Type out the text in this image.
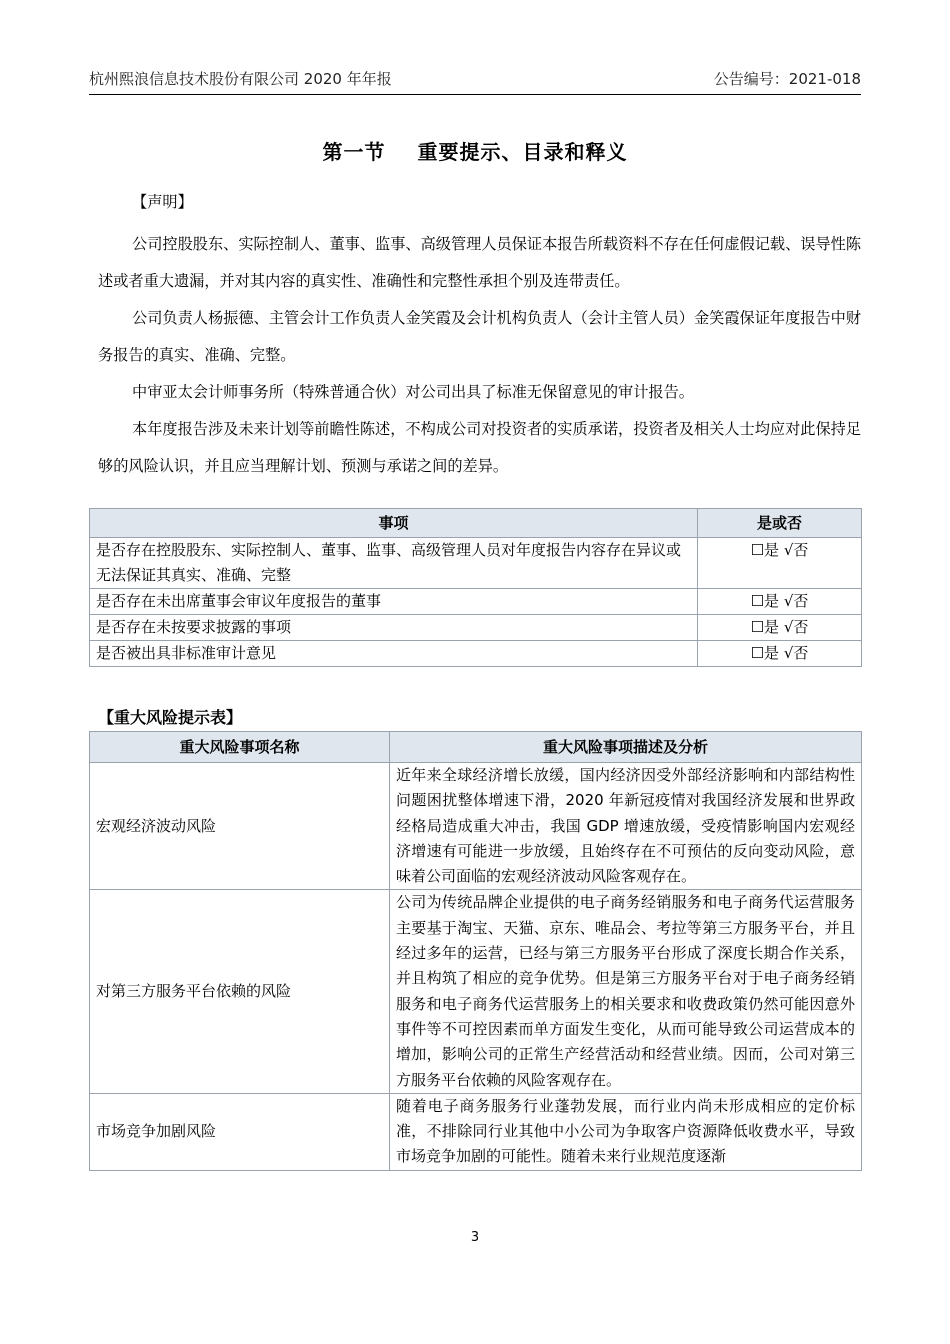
杭州熙浪信息技术股份有限公司 2020 年年报	公告编号：2021-018
第一节 重要提示、目录和释义
【声明】

公司控股股东、实际控制人、董事、监事、高级管理人员保证本报告所载资料不存在任何虚假记载、误导性陈述或者重大遗漏，并对其内容的真实性、准确性和完整性承担个别及连带责任。

公司负责人杨振德、主管会计工作负责人金笑霞及会计机构负责人（会计主管人员）金笑霞保证年度报告中财务报告的真实、准确、完整。

中审亚太会计师事务所（特殊普通合伙）对公司出具了标准无保留意见的审计报告。

本年度报告涉及未来计划等前瞻性陈述，不构成公司对投资者的实质承诺，投资者及相关人士均应对此保持足够的风险认识，并且应当理解计划、预测与承诺之间的差异。

事项	是或否
是否存在控股股东、实际控制人、董事、监事、高级管理人员对年度报告内容存在异议或无法保证其真实、准确、完整	☐是 √否
是否存在未出席董事会审议年度报告的董事	☐是 √否
是否存在未按要求披露的事项	☐是 √否
是否被出具非标准审计意见	☐是 √否
【重大风险提示表】
重大风险事项名称	重大风险事项描述及分析
宏观经济波动风险	近年来全球经济增长放缓，国内经济因受外部经济影响和内部结构性问题困扰整体增速下滑，2020 年新冠疫情对我国经济发展和世界政经格局造成重大冲击，我国 GDP 增速放缓，受疫情影响国内宏观经济增速有可能进一步放缓，且始终存在不可预估的反向变动风险，意味着公司面临的宏观经济波动风险客观存在。
对第三方服务平台依赖的风险	公司为传统品牌企业提供的电子商务经销服务和电子商务代运营服务主要基于淘宝、天猫、京东、唯品会、考拉等第三方服务平台，并且经过多年的运营，已经与第三方服务平台形成了深度长期合作关系，并且构筑了相应的竞争优势。但是第三方服务平台对于电子商务经销服务和电子商务代运营服务上的相关要求和收费政策仍然可能因意外事件等不可控因素而单方面发生变化，从而可能导致公司运营成本的增加，影响公司的正常生产经营活动和经营业绩。因而，公司对第三方服务平台依赖的风险客观存在。
市场竞争加剧风险	随着电子商务服务行业蓬勃发展，而行业内尚未形成相应的定价标准，不排除同行业其他中小公司为争取客户资源降低收费水平，导致市场竞争加剧的可能性。随着未来行业规范度逐渐
3
